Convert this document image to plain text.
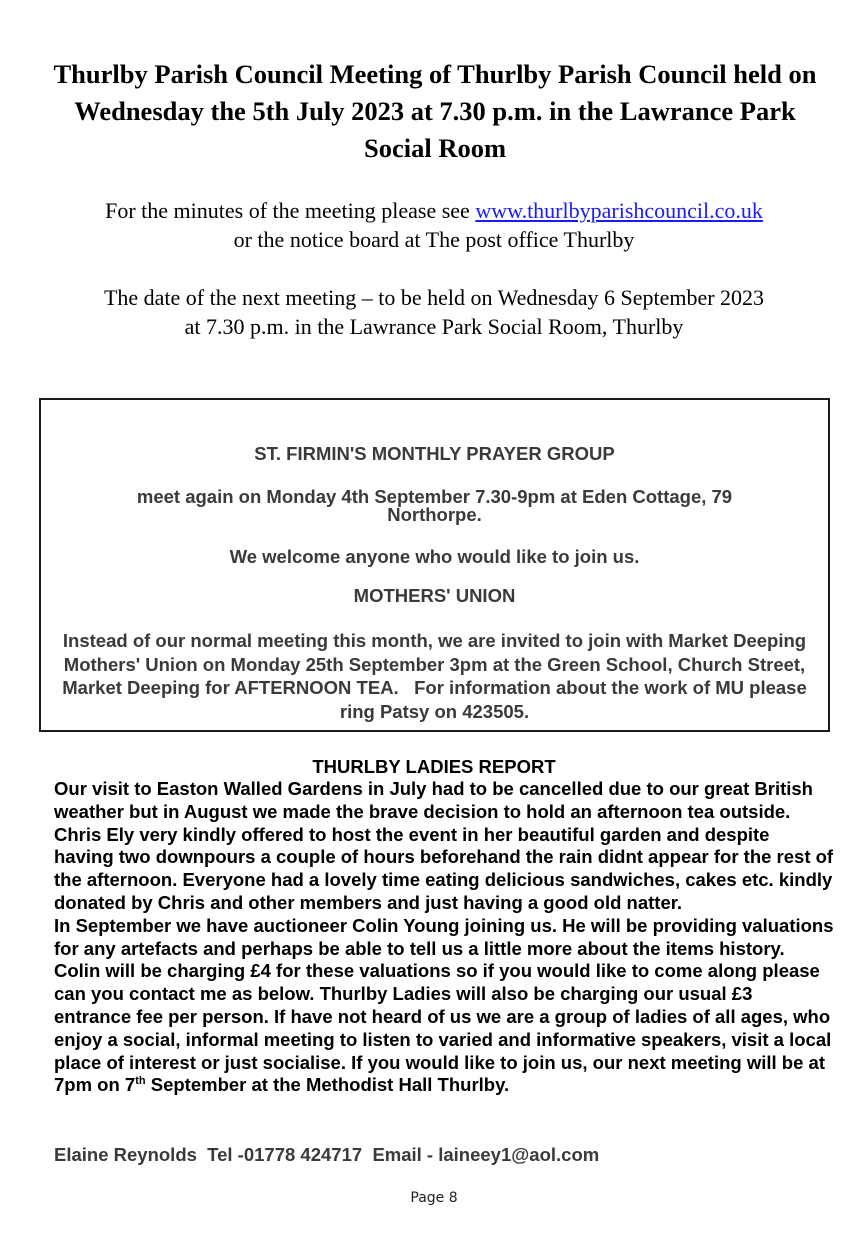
Thurlby Parish Council Meeting of Thurlby Parish Council held on Wednesday the 5th July 2023 at 7.30 p.m. in the Lawrance Park Social Room

For the minutes of the meeting please see www.thurlbyparishcouncil.co.uk
or the notice board at The post office Thurlby

The date of the next meeting – to be held on Wednesday 6 September 2023
at 7.30 p.m. in the Lawrance Park Social Room, Thurlby

ST. FIRMIN'S MONTHLY PRAYER GROUP

meet again on Monday 4th September 7.30-9pm at Eden Cottage, 79
Northorpe.

We welcome anyone who would like to join us.

MOTHERS' UNION

Instead of our normal meeting this month, we are invited to join with Market Deeping Mothers' Union on Monday 25th September 3pm at the Green School, Church Street, Market Deeping for AFTERNOON TEA.   For information about the work of MU please ring Patsy on 423505.

THURLBY LADIES REPORT

Our visit to Easton Walled Gardens in July had to be cancelled due to our great British weather but in August we made the brave decision to hold an afternoon tea outside. Chris Ely very kindly offered to host the event in her beautiful garden and despite having two downpours a couple of hours beforehand the rain didnt appear for the rest of the afternoon. Everyone had a lovely time eating delicious sandwiches, cakes etc. kindly donated by Chris and other members and just having a good old natter.
In September we have auctioneer Colin Young joining us. He will be providing valuations for any artefacts and perhaps be able to tell us a little more about the items history. Colin will be charging £4 for these valuations so if you would like to come along please can you contact me as below. Thurlby Ladies will also be charging our usual £3 entrance fee per person. If have not heard of us we are a group of ladies of all ages, who enjoy a social, informal meeting to listen to varied and informative speakers, visit a local place of interest or just socialise. If you would like to join us, our next meeting will be at 7pm on 7th September at the Methodist Hall Thurlby.

Elaine Reynolds  Tel -01778 424717  Email - laineey1@aol.com

Page 8
